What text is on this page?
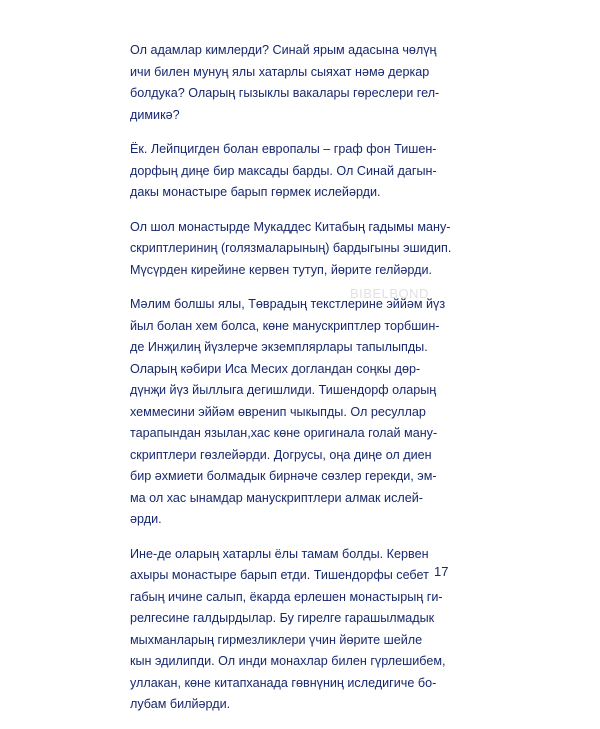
Ол адамлар кимлерди? Синай ярым адасына чөлүң
ичи билен мунуң ялы хатарлы сыяхат нәмә деркар
болдука? Оларың гызыклы вакалары гөреслери гел-
димикә?

Ёк. Лейпцигден болан европалы – граф фон Тишен-
дорфың диңе бир максады барды. Ол Синай дагын-
дакы монастыре барып гөрмек ислейәрди.

Ол шол монастырде Мукаддес Китабың гадымы ману-
скриптлериниң (голязмаларының) бардыгыны эшидип.
Мүсүрден кирейине кервен тутуп, йөрите гелйәрди.

Мәлим болшы ялы, Төврадың текстлерине эййәм йүз
йыл болан хем болса, көне манускриптлер торбшин-
де Инҗилиң йүзлерче экземплярлары тапылыпды.
Оларың кәбири Иса Месих догландан соңкы дөр-
дүнҗи йүз йыллыга дегишлиди. Тишендорф оларың
хеммесини эййәм өвренип чыкыпды. Ол ресуллар
тарапындан язылан,хас көне оригинала голай ману-
скриптлери гөзлейәрди. Догрусы, оңа диңе ол диен
бир әхмиети болмадык бирнәче сөзлер герекди, эм-
ма ол хас ынамдар манускриптлери алмак ислей-
әрди.

Ине-де оларың хатарлы ёлы тамам болды. Кервен
ахыры монастыре барып етди. Тишендорфы себет
габың ичине салып, ёкарда ерлешен монастырың ги-
релгесине галдырдылар. Бу гирелге гарашылмадык
мыхманларың гирмезликлери үчин йөрите шейле
кын эдилипди. Ол инди монахлар билен гүрлешибем,
уллакан, көне китапханада гөвнүниң иследигиче бо-
лубам билйәрди.

BIBELBOND
17
